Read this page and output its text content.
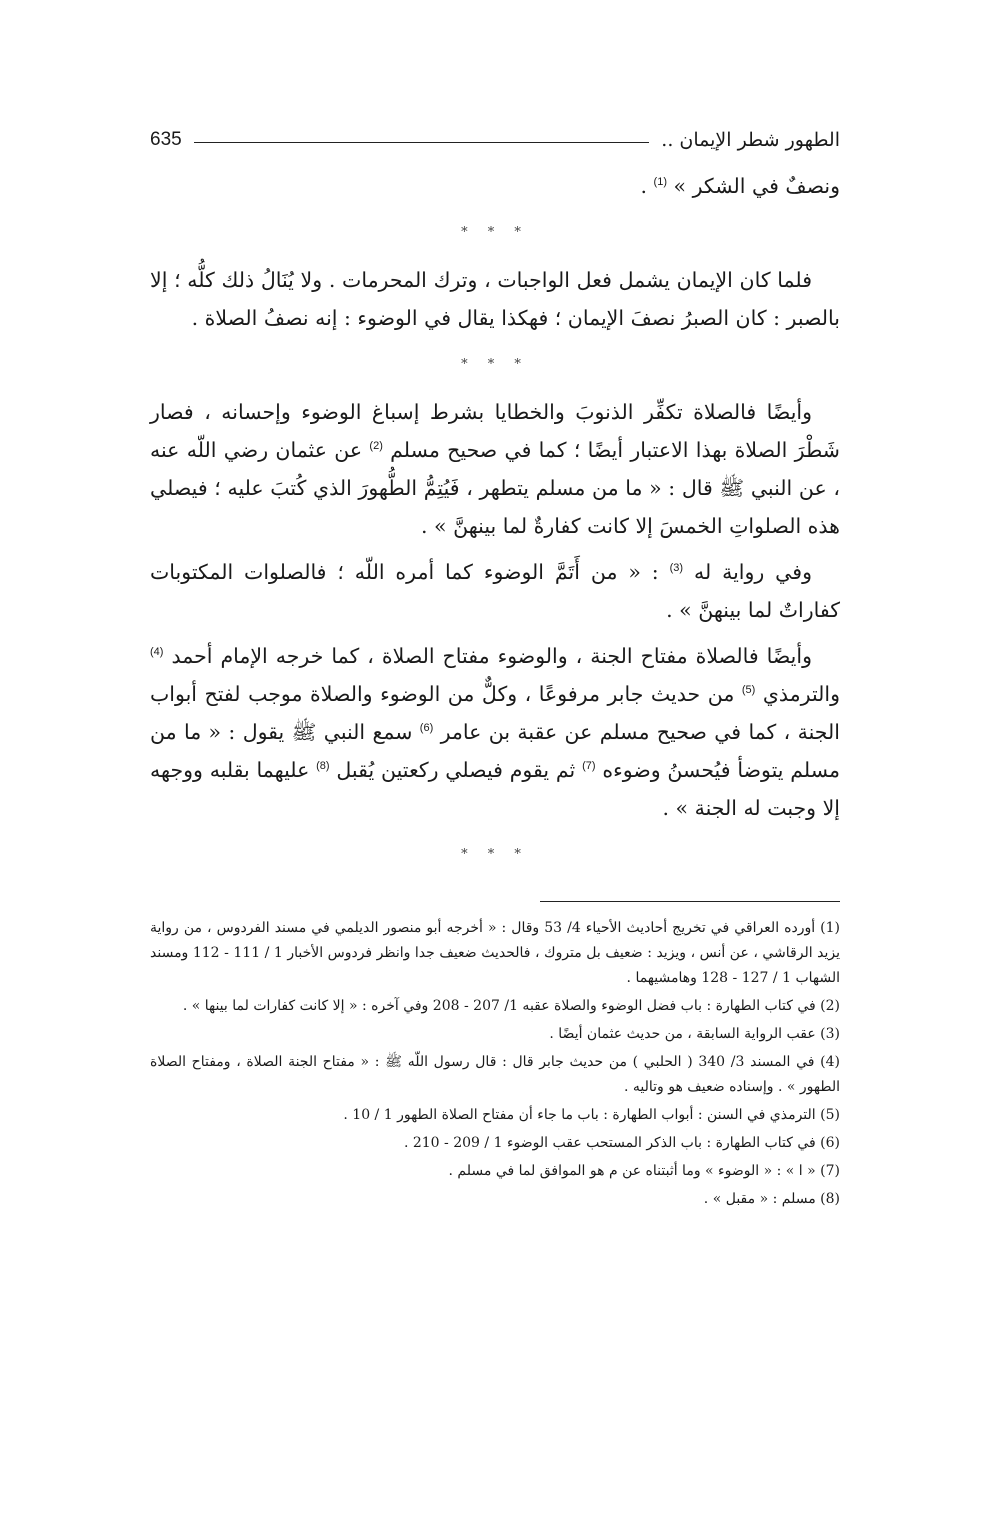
الطهور شطر الإيمان ..
635

ونصفٌ في الشكر » $^{(1)}$ .

* * *

فلما كان الإيمان يشمل فعل الواجبات ، وترك المحرمات . ولا يُنَالُ ذلك كلُّه ؛ إلا بالصبر : كان الصبرُ نصفَ الإيمان ؛ فهكذا يقال في الوضوء : إنه نصفُ الصلاة .

* * *

وأيضًا فالصلاة تكفِّر الذنوبَ والخطايا بشرط إسباغ الوضوء وإحسانه ، فصار شَطْرَ الصلاة بهذا الاعتبار أيضًا ؛ كما في صحيح مسلم $^{(2)}$ عن عثمان رضي اللّه عنه ، عن النبي ﷺ قال : « ما من مسلم يتطهر ، فَيُتِمُّ الطُّهورَ الذي كُتبَ عليه ؛ فيصلي هذه الصلواتِ الخمسَ إلا كانت كفارةٌ لما بينهنَّ » .

وفي رواية له $^{(3)}$ : « من أَتَمَّ الوضوء كما أمره اللّه ؛ فالصلوات المكتوبات كفاراتٌ لما بينهنَّ » .

وأيضًا فالصلاة مفتاح الجنة ، والوضوء مفتاح الصلاة ، كما خرجه الإمام أحمد $^{(4)}$ والترمذي $^{(5)}$ من حديث جابر مرفوعًا ، وكلٌّ من الوضوء والصلاة موجب لفتح أبواب الجنة ، كما في صحيح مسلم عن عقبة بن عامر $^{(6)}$ سمع النبي ﷺ يقول : « ما من مسلم يتوضأ فيُحسنُ وضوءه $^{(7)}$ ثم يقوم فيصلي ركعتين يُقبل $^{(8)}$ عليهما بقلبه ووجهه إلا وجبت له الجنة » .

* * *

(1) أورده العراقي في تخريج أحاديث الأحياء 4/ 53 وقال : « أخرجه أبو منصور الديلمي في مسند الفردوس ، من رواية يزيد الرقاشي ، عن أنس ، ويزيد : ضعيف بل متروك ، فالحديث ضعيف جدا وانظر فردوس الأخبار 1 / 111 - 112 ومسند الشهاب 1 / 127 - 128 وهامشيهما .

(2) في كتاب الطهارة : باب فضل الوضوء والصلاة عقبه 1/ 207 - 208 وفي آخره : « إلا كانت كفارات لما بينها » .

(3) عقب الرواية السابقة ، من حديث عثمان أيضًا .

(4) في المسند 3/ 340 ( الحلبي ) من حديث جابر قال : قال رسول اللّه ﷺ : « مفتاح الجنة الصلاة ، ومفتاح الصلاة الطهور » . وإسناده ضعيف هو وتاليه .

(5) الترمذي في السنن : أبواب الطهارة : باب ما جاء أن مفتاح الصلاة الطهور 1 / 10 .

(6) في كتاب الطهارة : باب الذكر المستحب عقب الوضوء 1 / 209 - 210 .

(7) « ا » : « الوضوء » وما أثبتناه عن م هو الموافق لما في مسلم .

(8) مسلم : « مقبل » .
